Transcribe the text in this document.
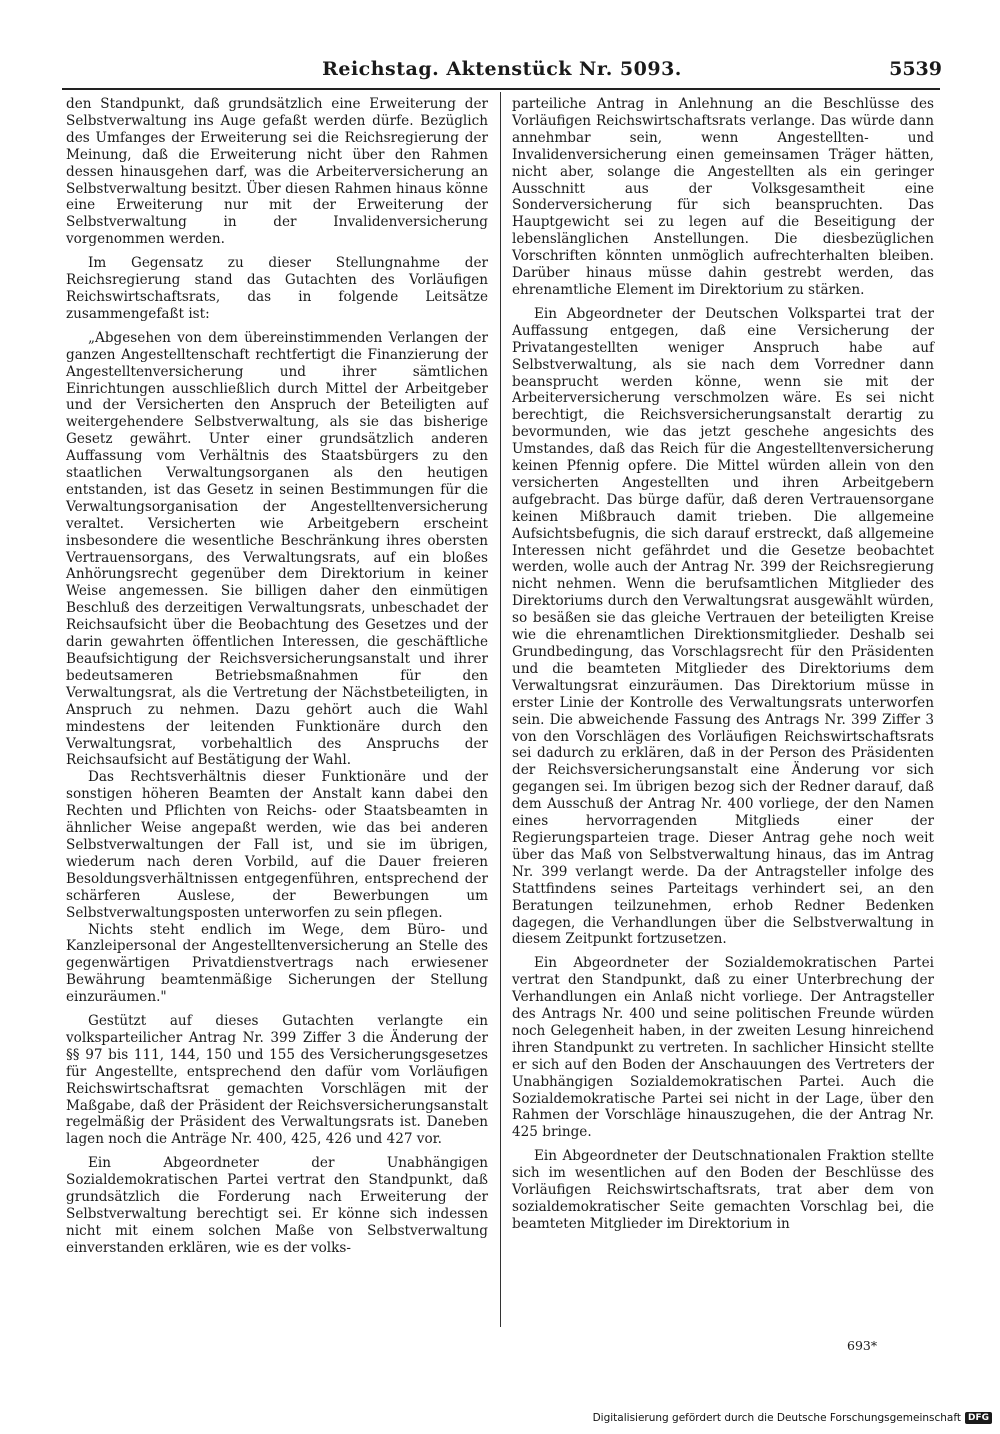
Reichstag. Aktenstück Nr. 5093.	5539

den Standpunkt, daß grundsätzlich eine Erweiterung der Selbstverwaltung ins Auge gefaßt werden dürfe. Bezüglich des Umfanges der Erweiterung sei die Reichsregierung der Meinung, daß die Erweiterung nicht über den Rahmen dessen hinausgehen darf, was die Arbeiterversicherung an Selbstverwaltung besitzt. Über diesen Rahmen hinaus könne eine Erweiterung nur mit der Erweiterung der Selbstverwaltung in der Invalidenversicherung vorgenommen werden.

Im Gegensatz zu dieser Stellungnahme der Reichsregierung stand das Gutachten des Vorläufigen Reichswirtschaftsrats, das in folgende Leitsätze zusammengefaßt ist:

„Abgesehen von dem übereinstimmenden Verlangen der ganzen Angestelltenschaft rechtfertigt die Finanzierung der Angestelltenversicherung und ihrer sämtlichen Einrichtungen ausschließlich durch Mittel der Arbeitgeber und der Versicherten den Anspruch der Beteiligten auf weitergehendere Selbstverwaltung, als sie das bisherige Gesetz gewährt. Unter einer grundsätzlich anderen Auffassung vom Verhältnis des Staatsbürgers zu den staatlichen Verwaltungsorganen als den heutigen entstanden, ist das Gesetz in seinen Bestimmungen für die Verwaltungsorganisation der Angestelltenversicherung veraltet. Versicherten wie Arbeitgebern erscheint insbesondere die wesentliche Beschränkung ihres obersten Vertrauensorgans, des Verwaltungsrats, auf ein bloßes Anhörungsrecht gegenüber dem Direktorium in keiner Weise angemessen. Sie billigen daher den einmütigen Beschluß des derzeitigen Verwaltungsrats, unbeschadet der Reichsaufsicht über die Beobachtung des Gesetzes und der darin gewahrten öffentlichen Interessen, die geschäftliche Beaufsichtigung der Reichsversicherungsanstalt und ihrer bedeutsameren Betriebsmaßnahmen für den Verwaltungsrat, als die Vertretung der Nächstbeteiligten, in Anspruch zu nehmen. Dazu gehört auch die Wahl mindestens der leitenden Funktionäre durch den Verwaltungsrat, vorbehaltlich des Anspruchs der Reichsaufsicht auf Bestätigung der Wahl.

Das Rechtsverhältnis dieser Funktionäre und der sonstigen höheren Beamten der Anstalt kann dabei den Rechten und Pflichten von Reichs- oder Staatsbeamten in ähnlicher Weise angepaßt werden, wie das bei anderen Selbstverwaltungen der Fall ist, und sie im übrigen, wiederum nach deren Vorbild, auf die Dauer freieren Besoldungsverhältnissen entgegenführen, entsprechend der schärferen Auslese, der Bewerbungen um Selbstverwaltungsposten unterworfen zu sein pflegen.

Nichts steht endlich im Wege, dem Büro- und Kanzleipersonal der Angestelltenversicherung an Stelle des gegenwärtigen Privatdienstvertrags nach erwiesener Bewährung beamtenmäßige Sicherungen der Stellung einzuräumen."

Gestützt auf dieses Gutachten verlangte ein volksparteilicher Antrag Nr. 399 Ziffer 3 die Änderung der §§ 97 bis 111, 144, 150 und 155 des Versicherungsgesetzes für Angestellte, entsprechend den dafür vom Vorläufigen Reichswirtschaftsrat gemachten Vorschlägen mit der Maßgabe, daß der Präsident der Reichsversicherungsanstalt regelmäßig der Präsident des Verwaltungsrats ist. Daneben lagen noch die Anträge Nr. 400, 425, 426 und 427 vor.

Ein Abgeordneter der Unabhängigen Sozialdemokratischen Partei vertrat den Standpunkt, daß grundsätzlich die Forderung nach Erweiterung der Selbstverwaltung berechtigt sei. Er könne sich indessen nicht mit einem solchen Maße von Selbstverwaltung einverstanden erklären, wie es der volks-

parteiliche Antrag in Anlehnung an die Beschlüsse des Vorläufigen Reichswirtschaftsrats verlange. Das würde dann annehmbar sein, wenn Angestellten- und Invalidenversicherung einen gemeinsamen Träger hätten, nicht aber, solange die Angestellten als ein geringer Ausschnitt aus der Volksgesamtheit eine Sonderversicherung für sich beanspruchten. Das Hauptgewicht sei zu legen auf die Beseitigung der lebenslänglichen Anstellungen. Die diesbezüglichen Vorschriften könnten unmöglich aufrechterhalten bleiben. Darüber hinaus müsse dahin gestrebt werden, das ehrenamtliche Element im Direktorium zu stärken.

Ein Abgeordneter der Deutschen Volkspartei trat der Auffassung entgegen, daß eine Versicherung der Privatangestellten weniger Anspruch habe auf Selbstverwaltung, als sie nach dem Vorredner dann beansprucht werden könne, wenn sie mit der Arbeiterversicherung verschmolzen wäre. Es sei nicht berechtigt, die Reichsversicherungsanstalt derartig zu bevormunden, wie das jetzt geschehe angesichts des Umstandes, daß das Reich für die Angestelltenversicherung keinen Pfennig opfere. Die Mittel würden allein von den versicherten Angestellten und ihren Arbeitgebern aufgebracht. Das bürge dafür, daß deren Vertrauensorgane keinen Mißbrauch damit trieben. Die allgemeine Aufsichtsbefugnis, die sich darauf erstreckt, daß allgemeine Interessen nicht gefährdet und die Gesetze beobachtet werden, wolle auch der Antrag Nr. 399 der Reichsregierung nicht nehmen. Wenn die berufsamtlichen Mitglieder des Direktoriums durch den Verwaltungsrat ausgewählt würden, so besäßen sie das gleiche Vertrauen der beteiligten Kreise wie die ehrenamtlichen Direktionsmitglieder. Deshalb sei Grundbedingung, das Vorschlagsrecht für den Präsidenten und die beamteten Mitglieder des Direktoriums dem Verwaltungsrat einzuräumen. Das Direktorium müsse in erster Linie der Kontrolle des Verwaltungsrats unterworfen sein. Die abweichende Fassung des Antrags Nr. 399 Ziffer 3 von den Vorschlägen des Vorläufigen Reichswirtschaftsrats sei dadurch zu erklären, daß in der Person des Präsidenten der Reichsversicherungsanstalt eine Änderung vor sich gegangen sei. Im übrigen bezog sich der Redner darauf, daß dem Ausschuß der Antrag Nr. 400 vorliege, der den Namen eines hervorragenden Mitglieds einer der Regierungsparteien trage. Dieser Antrag gehe noch weit über das Maß von Selbstverwaltung hinaus, das im Antrag Nr. 399 verlangt werde. Da der Antragsteller infolge des Stattfindens seines Parteitags verhindert sei, an den Beratungen teilzunehmen, erhob Redner Bedenken dagegen, die Verhandlungen über die Selbstverwaltung in diesem Zeitpunkt fortzusetzen.

Ein Abgeordneter der Sozialdemokratischen Partei vertrat den Standpunkt, daß zu einer Unterbrechung der Verhandlungen ein Anlaß nicht vorliege. Der Antragsteller des Antrags Nr. 400 und seine politischen Freunde würden noch Gelegenheit haben, in der zweiten Lesung hinreichend ihren Standpunkt zu vertreten. In sachlicher Hinsicht stellte er sich auf den Boden der Anschauungen des Vertreters der Unabhängigen Sozialdemokratischen Partei. Auch die Sozialdemokratische Partei sei nicht in der Lage, über den Rahmen der Vorschläge hinauszugehen, die der Antrag Nr. 425 bringe.

Ein Abgeordneter der Deutschnationalen Fraktion stellte sich im wesentlichen auf den Boden der Beschlüsse des Vorläufigen Reichswirtschaftsrats, trat aber dem von sozialdemokratischer Seite gemachten Vorschlag bei, die beamteten Mitglieder im Direktorium in

693*
Digitalisierung gefördert durch die Deutsche Forschungsgemeinschaft DFG
